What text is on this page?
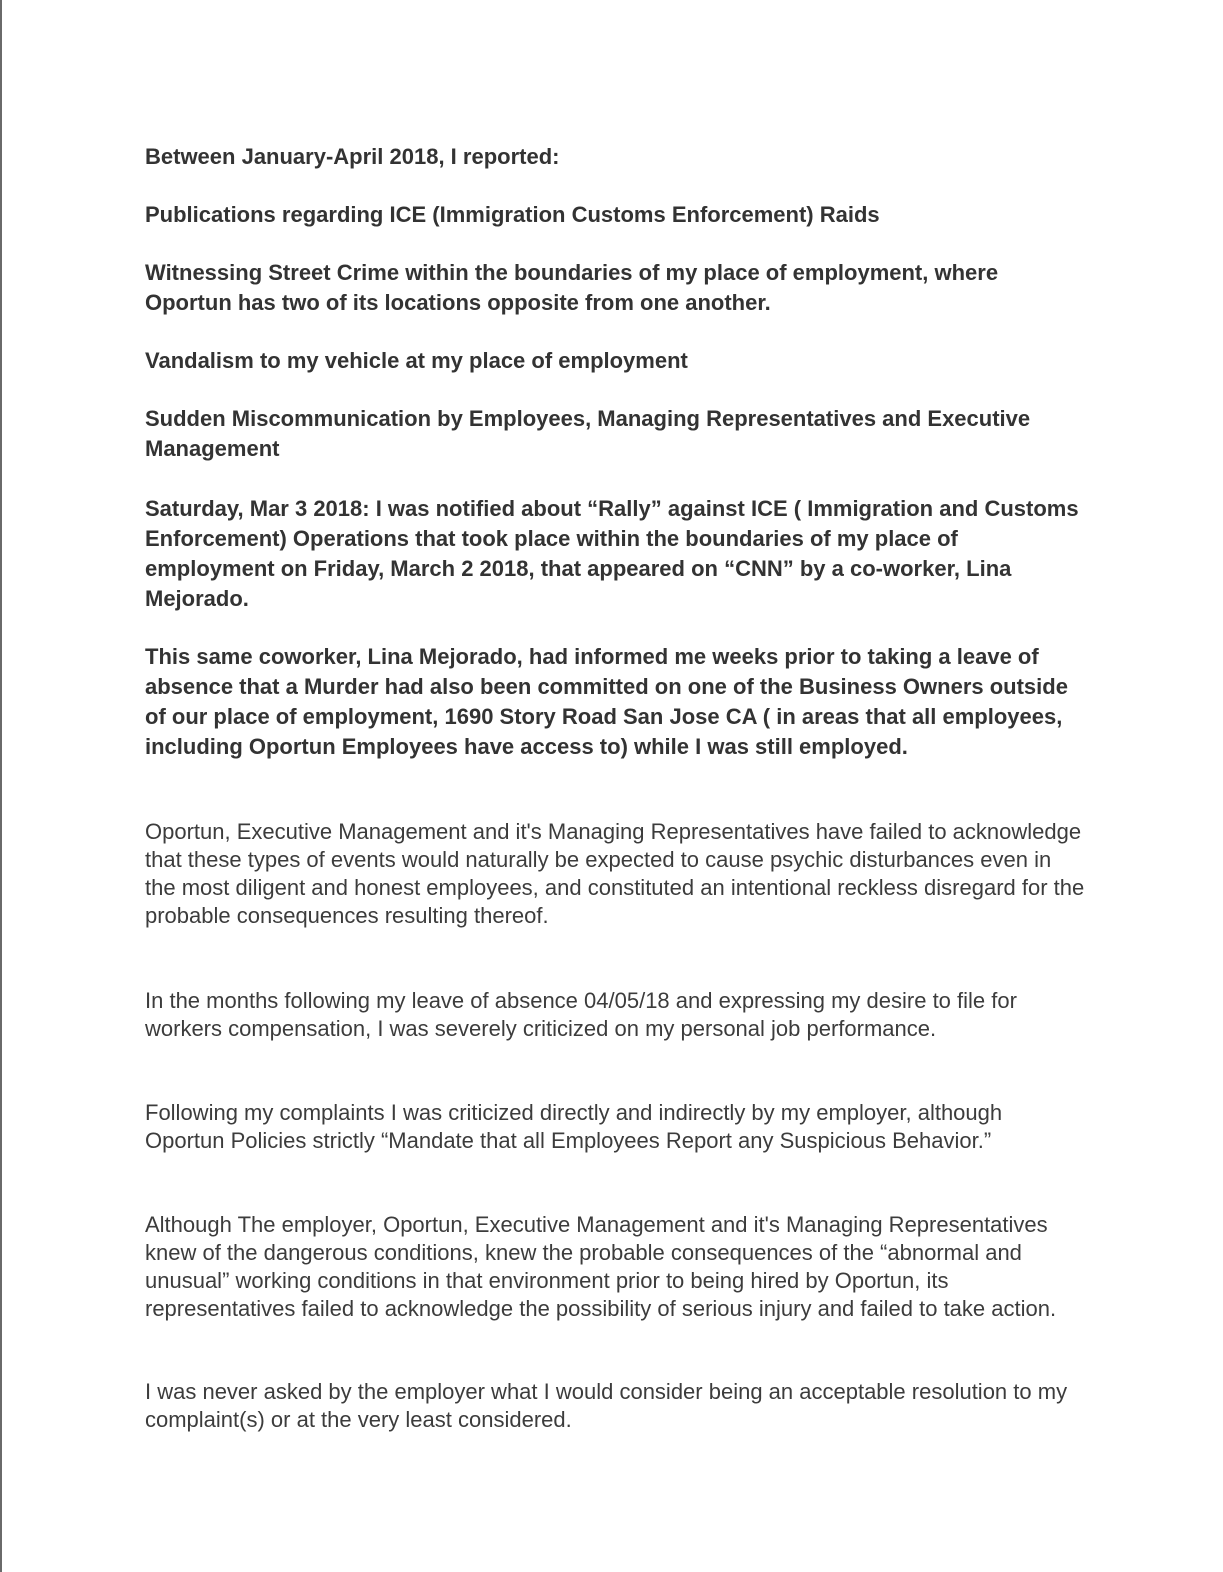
Between January-April 2018, I reported:

Publications regarding ICE (Immigration Customs Enforcement) Raids

Witnessing Street Crime within the boundaries of my place of employment, where Oportun has two of its locations opposite from one another.

Vandalism to my vehicle at my place of employment

Sudden Miscommunication by Employees, Managing Representatives and Executive Management

Saturday, Mar 3 2018: I was notified about “Rally” against ICE ( Immigration and Customs Enforcement) Operations that took place within the boundaries of my place of employment on Friday, March 2 2018, that appeared on “CNN” by a co-worker, Lina Mejorado.

This same coworker, Lina Mejorado, had informed me weeks prior to taking a leave of absence that a Murder had also been committed on one of the Business Owners outside of our place of employment, 1690 Story Road San Jose CA ( in areas that all employees, including Oportun Employees have access to) while I was still employed.

Oportun, Executive Management and it's Managing Representatives have failed to acknowledge that these types of events would naturally be expected to cause psychic disturbances even in the most diligent and honest employees, and constituted an intentional reckless disregard for the probable consequences resulting thereof.

In the months following my leave of absence 04/05/18 and expressing my desire to file for workers compensation, I was severely criticized on my personal job performance.

Following my complaints I was criticized directly and indirectly by my employer, although Oportun Policies strictly “Mandate that all Employees Report any Suspicious Behavior.”

Although The employer, Oportun, Executive Management and it's Managing Representatives knew of the dangerous conditions, knew the probable consequences of the “abnormal and unusual” working conditions in that environment prior to being hired by Oportun, its representatives failed to acknowledge the possibility of serious injury and failed to take action.

I was never asked by the employer what I would consider being an acceptable resolution to my complaint(s) or at the very least considered.
